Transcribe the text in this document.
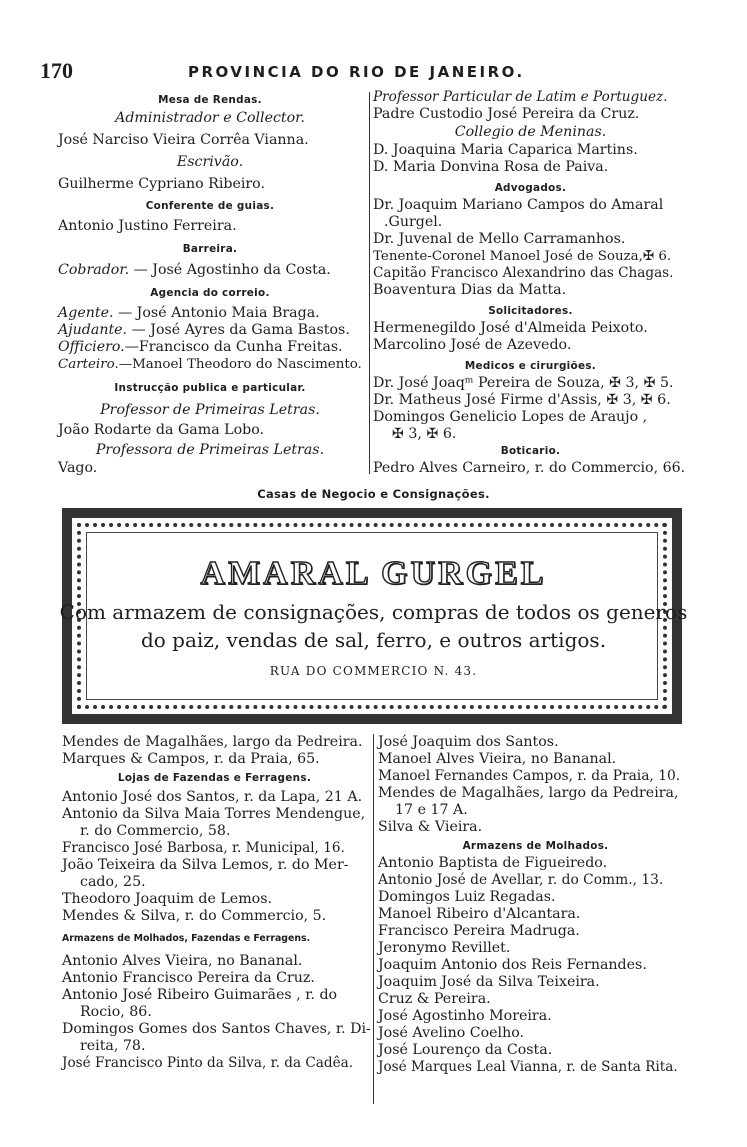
170	PROVINCIA DO RIO DE JANEIRO.
Mesa de Rendas.
Administrador e Collector.
José Narciso Vieira Corrêa Vianna.
Escrivão.
Guilherme Cypriano Ribeiro.
Conferente de guias.
Antonio Justino Ferreira.
Barreira.
Cobrador. — José Agostinho da Costa.
Agencia do correio.
Agente. — José Antonio Maia Braga.
Ajudante. — José Ayres da Gama Bastos.
Officiero.—Francisco da Cunha Freitas.
Carteiro.—Manoel Theodoro do Nascimento.
Instrucção publica e particular.
Professor de Primeiras Letras.
João Rodarte da Gama Lobo.
Professora de Primeiras Letras.
Vago.
Professor Particular de Latim e Portuguez.
Padre Custodio José Pereira da Cruz.
Collegio de Meninas.
D. Joaquina Maria Caparica Martins.
D. Maria Donvina Rosa de Paiva.
Advogados.
Dr. Joaquim Mariano Campos do Amaral
.Gurgel.
Dr. Juvenal de Mello Carramanhos.
Tenente-Coronel Manoel José de Souza,✠ 6.
Capitão Francisco Alexandrino das Chagas.
Boaventura Dias da Matta.
Solicitadores.
Hermenegildo José d'Almeida Peixoto.
Marcolino José de Azevedo.
Medicos e cirurgiões.
Dr. José Joaqᵐ Pereira de Souza, ✠ 3, ✠ 5.
Dr. Matheus José Firme d'Assis, ✠ 3, ✠ 6.
Domingos Genelicio Lopes de Araujo ,
✠ 3, ✠ 6.
Boticario.
Pedro Alves Carneiro, r. do Commercio, 66.
Casas de Negocio e Consignações.
AMARAL GURGEL
Com armazem de consignações, compras de todos os generos
do paiz, vendas de sal, ferro, e outros artigos.
RUA DO COMMERCIO N. 43.
Mendes de Magalhães, largo da Pedreira.
Marques & Campos, r. da Praia, 65.
Lojas de Fazendas e Ferragens.
Antonio José dos Santos, r. da Lapa, 21 A.
Antonio da Silva Maia Torres Mendengue,
r. do Commercio, 58.
Francisco José Barbosa, r. Municipal, 16.
João Teixeira da Silva Lemos, r. do Mer-
cado, 25.
Theodoro Joaquim de Lemos.
Mendes & Silva, r. do Commercio, 5.
Armazens de Molhados, Fazendas e Ferragens.
Antonio Alves Vieira, no Bananal.
Antonio Francisco Pereira da Cruz.
Antonio José Ribeiro Guimarães , r. do
Rocio, 86.
Domingos Gomes dos Santos Chaves, r. Di-
reita, 78.
José Francisco Pinto da Silva, r. da Cadêa.
José Joaquim dos Santos.
Manoel Alves Vieira, no Bananal.
Manoel Fernandes Campos, r. da Praia, 10.
Mendes de Magalhães, largo da Pedreira,
17 e 17 A.
Silva & Vieira.
Armazens de Molhados.
Antonio Baptista de Figueiredo.
Antonio José de Avellar, r. do Comm., 13.
Domingos Luiz Regadas.
Manoel Ribeiro d'Alcantara.
Francisco Pereira Madruga.
Jeronymo Revillet.
Joaquim Antonio dos Reis Fernandes.
Joaquim José da Silva Teixeira.
Cruz & Pereira.
José Agostinho Moreira.
José Avelino Coelho.
José Lourenço da Costa.
José Marques Leal Vianna, r. de Santa Rita.
